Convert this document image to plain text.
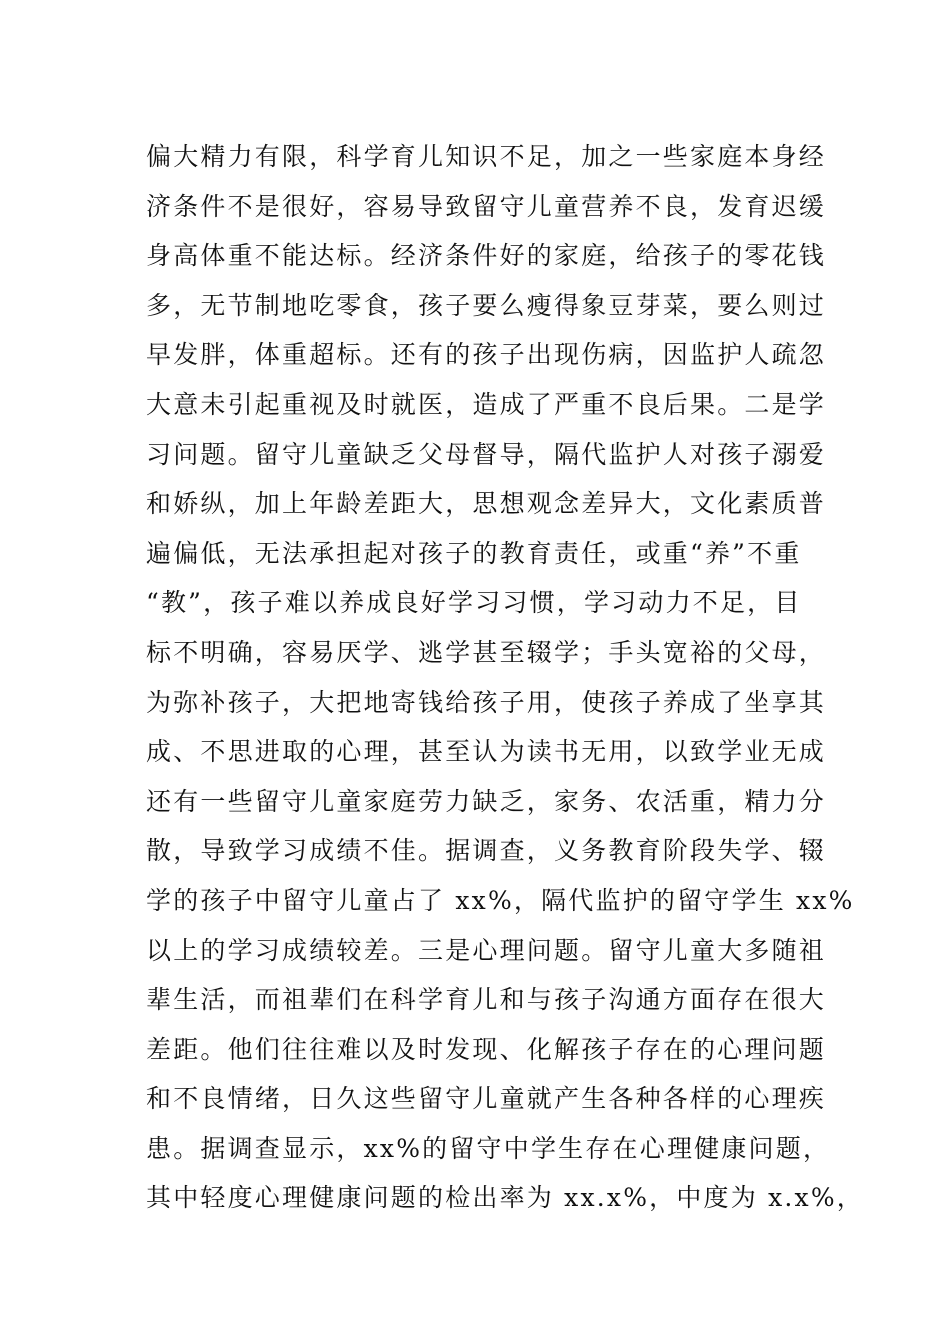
偏大精力有限，科学育儿知识不足，加之一些家庭本身经
济条件不是很好，容易导致留守儿童营养不良，发育迟缓
身高体重不能达标。经济条件好的家庭，给孩子的零花钱
多，无节制地吃零食，孩子要么瘦得象豆芽菜，要么则过
早发胖，体重超标。还有的孩子出现伤病，因监护人疏忽
大意未引起重视及时就医，造成了严重不良后果。二是学
习问题。留守儿童缺乏父母督导，隔代监护人对孩子溺爱
和娇纵，加上年龄差距大，思想观念差异大，文化素质普
遍偏低，无法承担起对孩子的教育责任，或重“养”不重
“教”，孩子难以养成良好学习习惯，学习动力不足，目
标不明确，容易厌学、逃学甚至辍学；手头宽裕的父母，
为弥补孩子，大把地寄钱给孩子用，使孩子养成了坐享其
成、不思进取的心理，甚至认为读书无用，以致学业无成
还有一些留守儿童家庭劳力缺乏，家务、农活重，精力分
散，导致学习成绩不佳。据调查，义务教育阶段失学、辍
学的孩子中留守儿童占了 xx%，隔代监护的留守学生 xx%
以上的学习成绩较差。三是心理问题。留守儿童大多随祖
辈生活，而祖辈们在科学育儿和与孩子沟通方面存在很大
差距。他们往往难以及时发现、化解孩子存在的心理问题
和不良情绪，日久这些留守儿童就产生各种各样的心理疾
患。据调查显示，xx%的留守中学生存在心理健康问题，
其中轻度心理健康问题的检出率为 xx.x%，中度为 x.x%，
